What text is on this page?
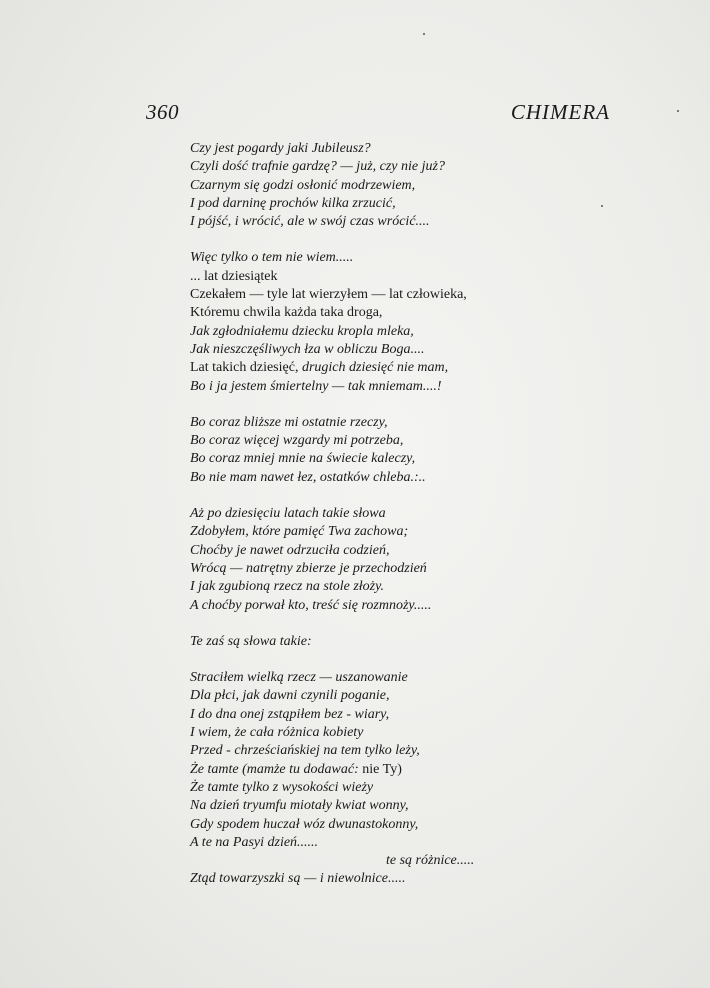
360	CHIMERA
Czy jest pogardy jaki Jubileusz?
Czyli dość trafnie gardzę? — już, czy nie już?
Czarnym się godzi osłonić modrzewiem,
I pod darninę prochów kilka zrzucić,
I pójść, i wrócić, ale w swój czas wrócić....
Więc tylko o tem nie wiem.....
... lat dziesiątek
Czekałem — tyle lat wierzyłem — lat człowieka,
Któremu chwila każda taka droga,
Jak zgłodniałemu dziecku kropla mleka,
Jak nieszczęśliwych łza w obliczu Boga....
Lat takich dziesięć, drugich dziesięć nie mam,
Bo i ja jestem śmiertelny — tak mniemam....!
Bo coraz bliższe mi ostatnie rzeczy,
Bo coraz więcej wzgardy mi potrzeba,
Bo coraz mniej mnie na świecie kaleczy,
Bo nie mam nawet łez, ostatków chleba.:..
Aż po dziesięciu latach takie słowa
Zdobyłem, które pamięć Twa zachowa;
Choćby je nawet odrzuciła codzień,
Wrócą — natrętny zbierze je przechodzień
I jak zgubioną rzecz na stole złoży.
A choćby porwał kto, treść się rozmnoży.....
Te zaś są słowa takie:
Straciłem wielką rzecz — uszanowanie
Dla płci, jak dawni czynili poganie,
I do dna onej zstąpiłem bez - wiary,
I wiem, że cała różnica kobiety
Przed - chrześciańskiej na tem tylko leży,
Że tamte (mamże tu dodawać: nie Ty)
Że tamte tylko z wysokości wieży
Na dzień tryumfu miotały kwiat wonny,
Gdy spodem huczał wóz dwunastokonny,
A te na Pasyi dzień......
te są różnice.....
Ztąd towarzyszki są — i niewolnice.....
